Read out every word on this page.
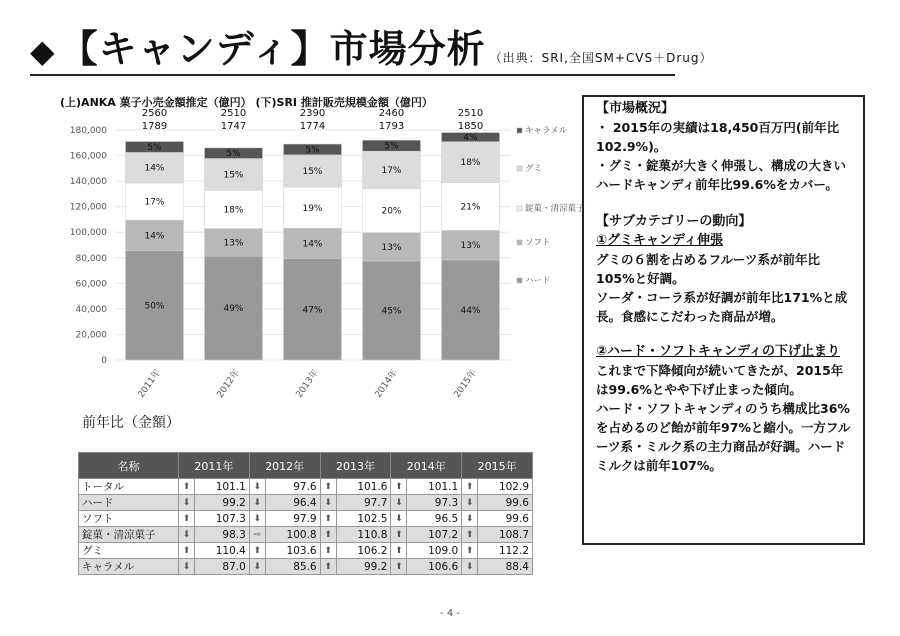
◆ 【キャンディ】市場分析 （出典：SRI,全国SM+CVS＋Drug）
(上)ANKA 菓子小売金額推定（億円） (下)SRI 推計販売規模金額（億円）
0
20,000
40,000
60,000
80,000
100,000
120,000
140,000
160,000
180,000
50%
14%
17%
14%
5%
2560
1789
2011年
49%
13%
18%
15%
5%
2510
1747
2012年
47%
14%
19%
15%
5%
2390
1774
2013年
45%
13%
20%
17%
5%
2460
1793
2014年
44%
13%
21%
18%
4%
2510
1850
2015年
キャラメル
グミ
錠菓・清涼菓子
ソフト
ハード
前年比（金額）
名称	2011年		2012年		2013年		2014年		2015年	
トータル	⬆	101.1	⬇	97.6	⬆	101.6	⬆	101.1	⬆	102.9
ハード	⬇	99.2	⬇	96.4	⬇	97.7	⬇	97.3	⬇	99.6
ソフト	⬆	107.3	⬇	97.9	⬆	102.5	⬇	96.5	⬇	99.6
錠菓・清涼菓子	⬇	98.3	⇨	100.8	⬆	110.8	⬆	107.2	⬆	108.7
グミ	⬆	110.4	⬆	103.6	⬆	106.2	⬆	109.0	⬆	112.2
キャラメル	⬇	87.0	⬇	85.6	⬆	99.2	⬆	106.6	⬇	88.4

【市場概況】

・ 2015年の実績は18,450百万円(前年比102.9%)。

・グミ・錠菓が大きく伸張し、構成の大きいハードキャンディ前年比99.6%をカバー。

【サブカテゴリーの動向】

①グミキャンディ伸張

グミの６割を占めるフルーツ系が前年比105%と好調。

ソーダ・コーラ系が好調が前年比171%と成長。食感にこだわった商品が増。

②ハード・ソフトキャンディの下げ止まり

これまで下降傾向が続いてきたが、2015年は99.6%とやや下げ止まった傾向。

ハード・ソフトキャンディのうち構成比36%を占めるのど飴が前年97%と縮小。一方フルーツ系・ミルク系の主力商品が好調。ハードミルクは前年107%。

- 4 -
